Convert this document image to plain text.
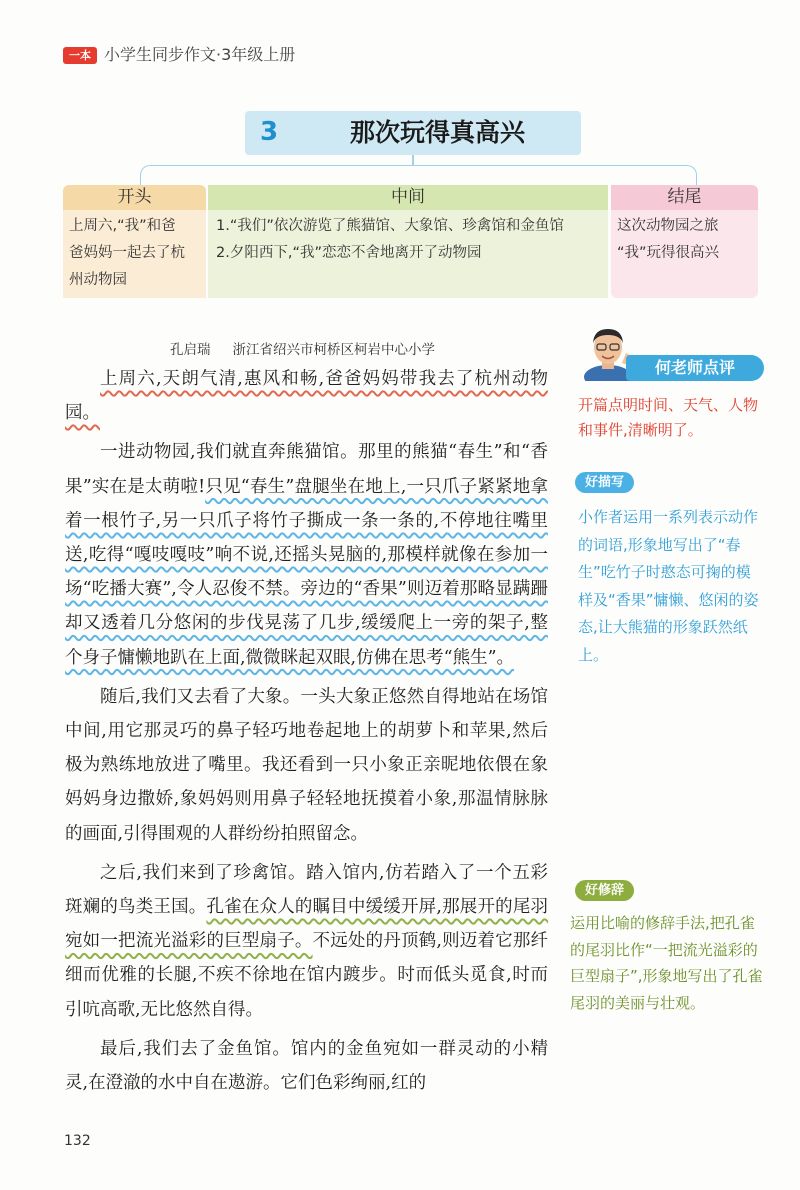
一本 小学生同步作文·3年级上册
3	那次玩得真高兴
开头
上周六,“我”和爸
爸妈妈一起去了杭
州动物园
中间
1.“我们”依次游览了熊猫馆、大象馆、珍禽馆和金鱼馆
2.夕阳西下,“我”恋恋不舍地离开了动物园
结尾
这次动物园之旅
“我”玩得很高兴
孔启瑞 浙江省绍兴市柯桥区柯岩中心小学

上周六,天朗气清,惠风和畅,爸爸妈妈带我去了杭州动物园。

一进动物园,我们就直奔熊猫馆。那里的熊猫“春生”和“香果”实在是太萌啦!只见“春生”盘腿坐在地上,一只爪子紧紧地拿着一根竹子,另一只爪子将竹子撕成一条一条的,不停地往嘴里送,吃得“嘎吱嘎吱”响不说,还摇头晃脑的,那模样就像在参加一场“吃播大赛”,令人忍俊不禁。旁边的“香果”则迈着那略显蹒跚却又透着几分悠闲的步伐晃荡了几步,缓缓爬上一旁的架子,整个身子慵懒地趴在上面,微微眯起双眼,仿佛在思考“熊生”。

随后,我们又去看了大象。一头大象正悠然自得地站在场馆中间,用它那灵巧的鼻子轻巧地卷起地上的胡萝卜和苹果,然后极为熟练地放进了嘴里。我还看到一只小象正亲昵地依偎在象妈妈身边撒娇,象妈妈则用鼻子轻轻地抚摸着小象,那温情脉脉的画面,引得围观的人群纷纷拍照留念。

之后,我们来到了珍禽馆。踏入馆内,仿若踏入了一个五彩斑斓的鸟类王国。孔雀在众人的瞩目中缓缓开屏,那展开的尾羽宛如一把流光溢彩的巨型扇子。不远处的丹顶鹤,则迈着它那纤细而优雅的长腿,不疾不徐地在馆内踱步。时而低头觅食,时而引吭高歌,无比悠然自得。

最后,我们去了金鱼馆。馆内的金鱼宛如一群灵动的小精灵,在澄澈的水中自在遨游。它们色彩绚丽,红的

何老师点评
开篇点明时间、天气、人物和事件,清晰明了。
好描写
小作者运用一系列表示动作的词语,形象地写出了“春生”吃竹子时憨态可掬的模样及“香果”慵懒、悠闲的姿态,让大熊猫的形象跃然纸上。
好修辞
运用比喻的修辞手法,把孔雀的尾羽比作“一把流光溢彩的巨型扇子”,形象地写出了孔雀尾羽的美丽与壮观。
132
